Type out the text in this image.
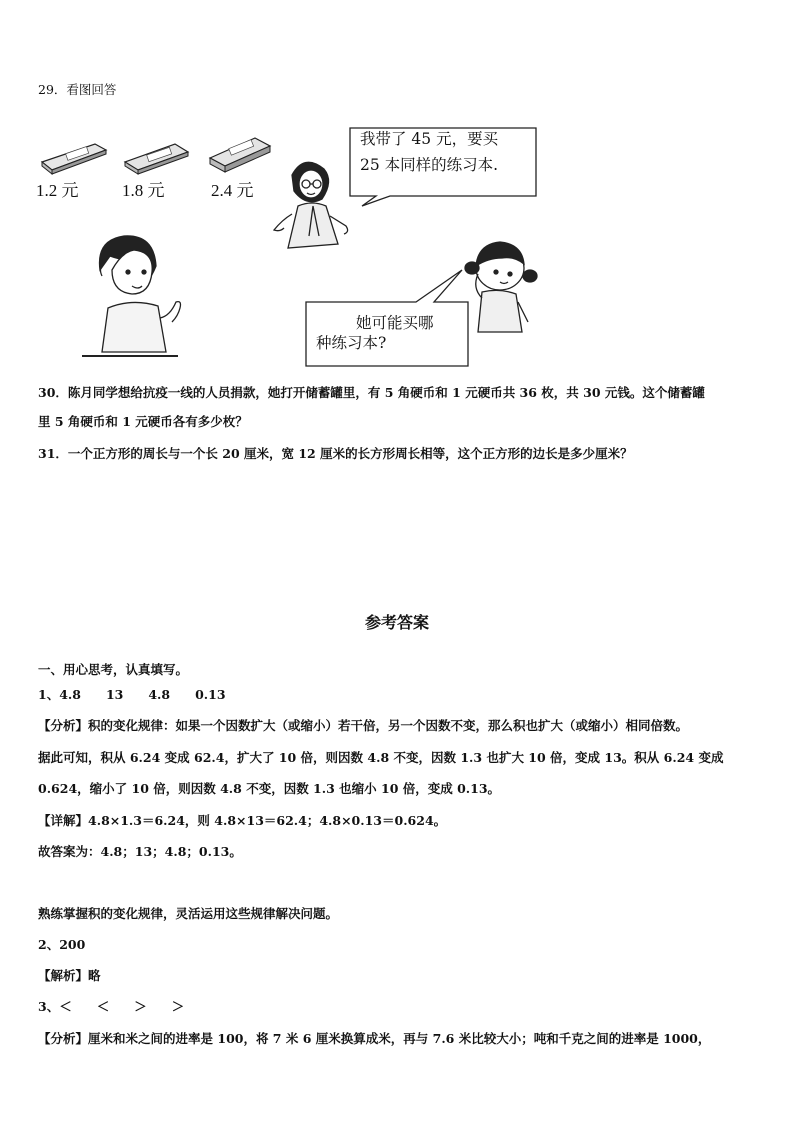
29．看图回答
1.2 元	1.8 元	2.4 元
我带了 45 元，要买
25 本同样的练习本.
她可能买哪
种练习本?
30．陈月同学想给抗疫一线的人员捐款，她打开储蓄罐里，有 5 角硬币和 1 元硬币共 36 枚，共 30 元钱。这个储蓄罐
里 5 角硬币和 1 元硬币各有多少枚？
31．一个正方形的周长与一个长 20 厘米，宽 12 厘米的长方形周长相等，这个正方形的边长是多少厘米？
参考答案
一、用心思考，认真填写。
1、4.8　　13　　4.8　　0.13
【分析】积的变化规律：如果一个因数扩大（或缩小）若干倍，另一个因数不变，那么积也扩大（或缩小）相同倍数。
据此可知，积从 6.24 变成 62.4，扩大了 10 倍，则因数 4.8 不变，因数 1.3 也扩大 10 倍，变成 13。积从 6.24 变成
0.624，缩小了 10 倍，则因数 4.8 不变，因数 1.3 也缩小 10 倍，变成 0.13。
【详解】4.8×1.3＝6.24，则 4.8×13＝62.4；4.8×0.13＝0.624。
故答案为：4.8；13；4.8；0.13。
熟练掌握积的变化规律，灵活运用这些规律解决问题。
2、200
【解析】略
3、＜　　＜　　＞　　＞
【分析】厘米和米之间的进率是 100，将 7 米 6 厘米换算成米，再与 7.6 米比较大小；吨和千克之间的进率是 1000，
